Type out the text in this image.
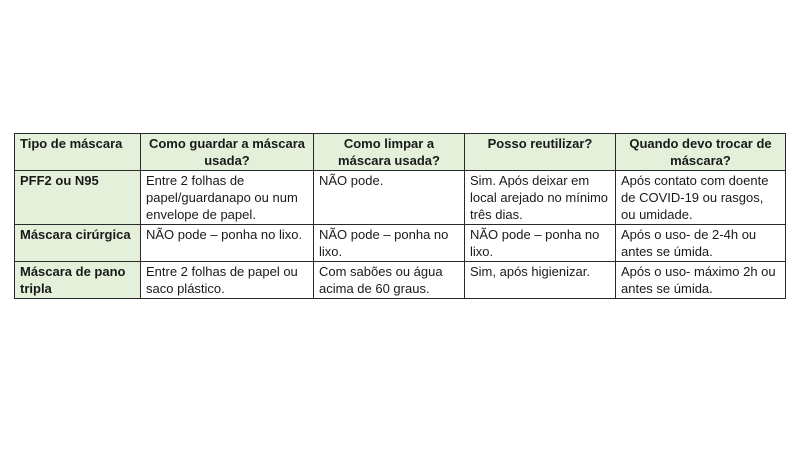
Tipo de máscara	Como guardar a máscara usada?	Como limpar a máscara usada?	Posso reutilizar?	Quando devo trocar de máscara?
PFF2 ou N95	Entre 2 folhas de papel/guardanapo ou num envelope de papel.	NÃO pode.	Sim. Após deixar em local arejado no mínimo três dias.	Após contato com doente de COVID-19 ou rasgos, ou umidade.
Máscara cirúrgica	NÃO pode – ponha no lixo.	NÃO pode – ponha no lixo.	NÃO pode – ponha no lixo.	Após o uso- de 2-4h ou antes se úmida.
Máscara de pano tripla	Entre 2 folhas de papel ou saco plástico.	Com sabões ou água acima de 60 graus.	Sim, após higienizar.	Após o uso- máximo 2h ou antes se úmida.
